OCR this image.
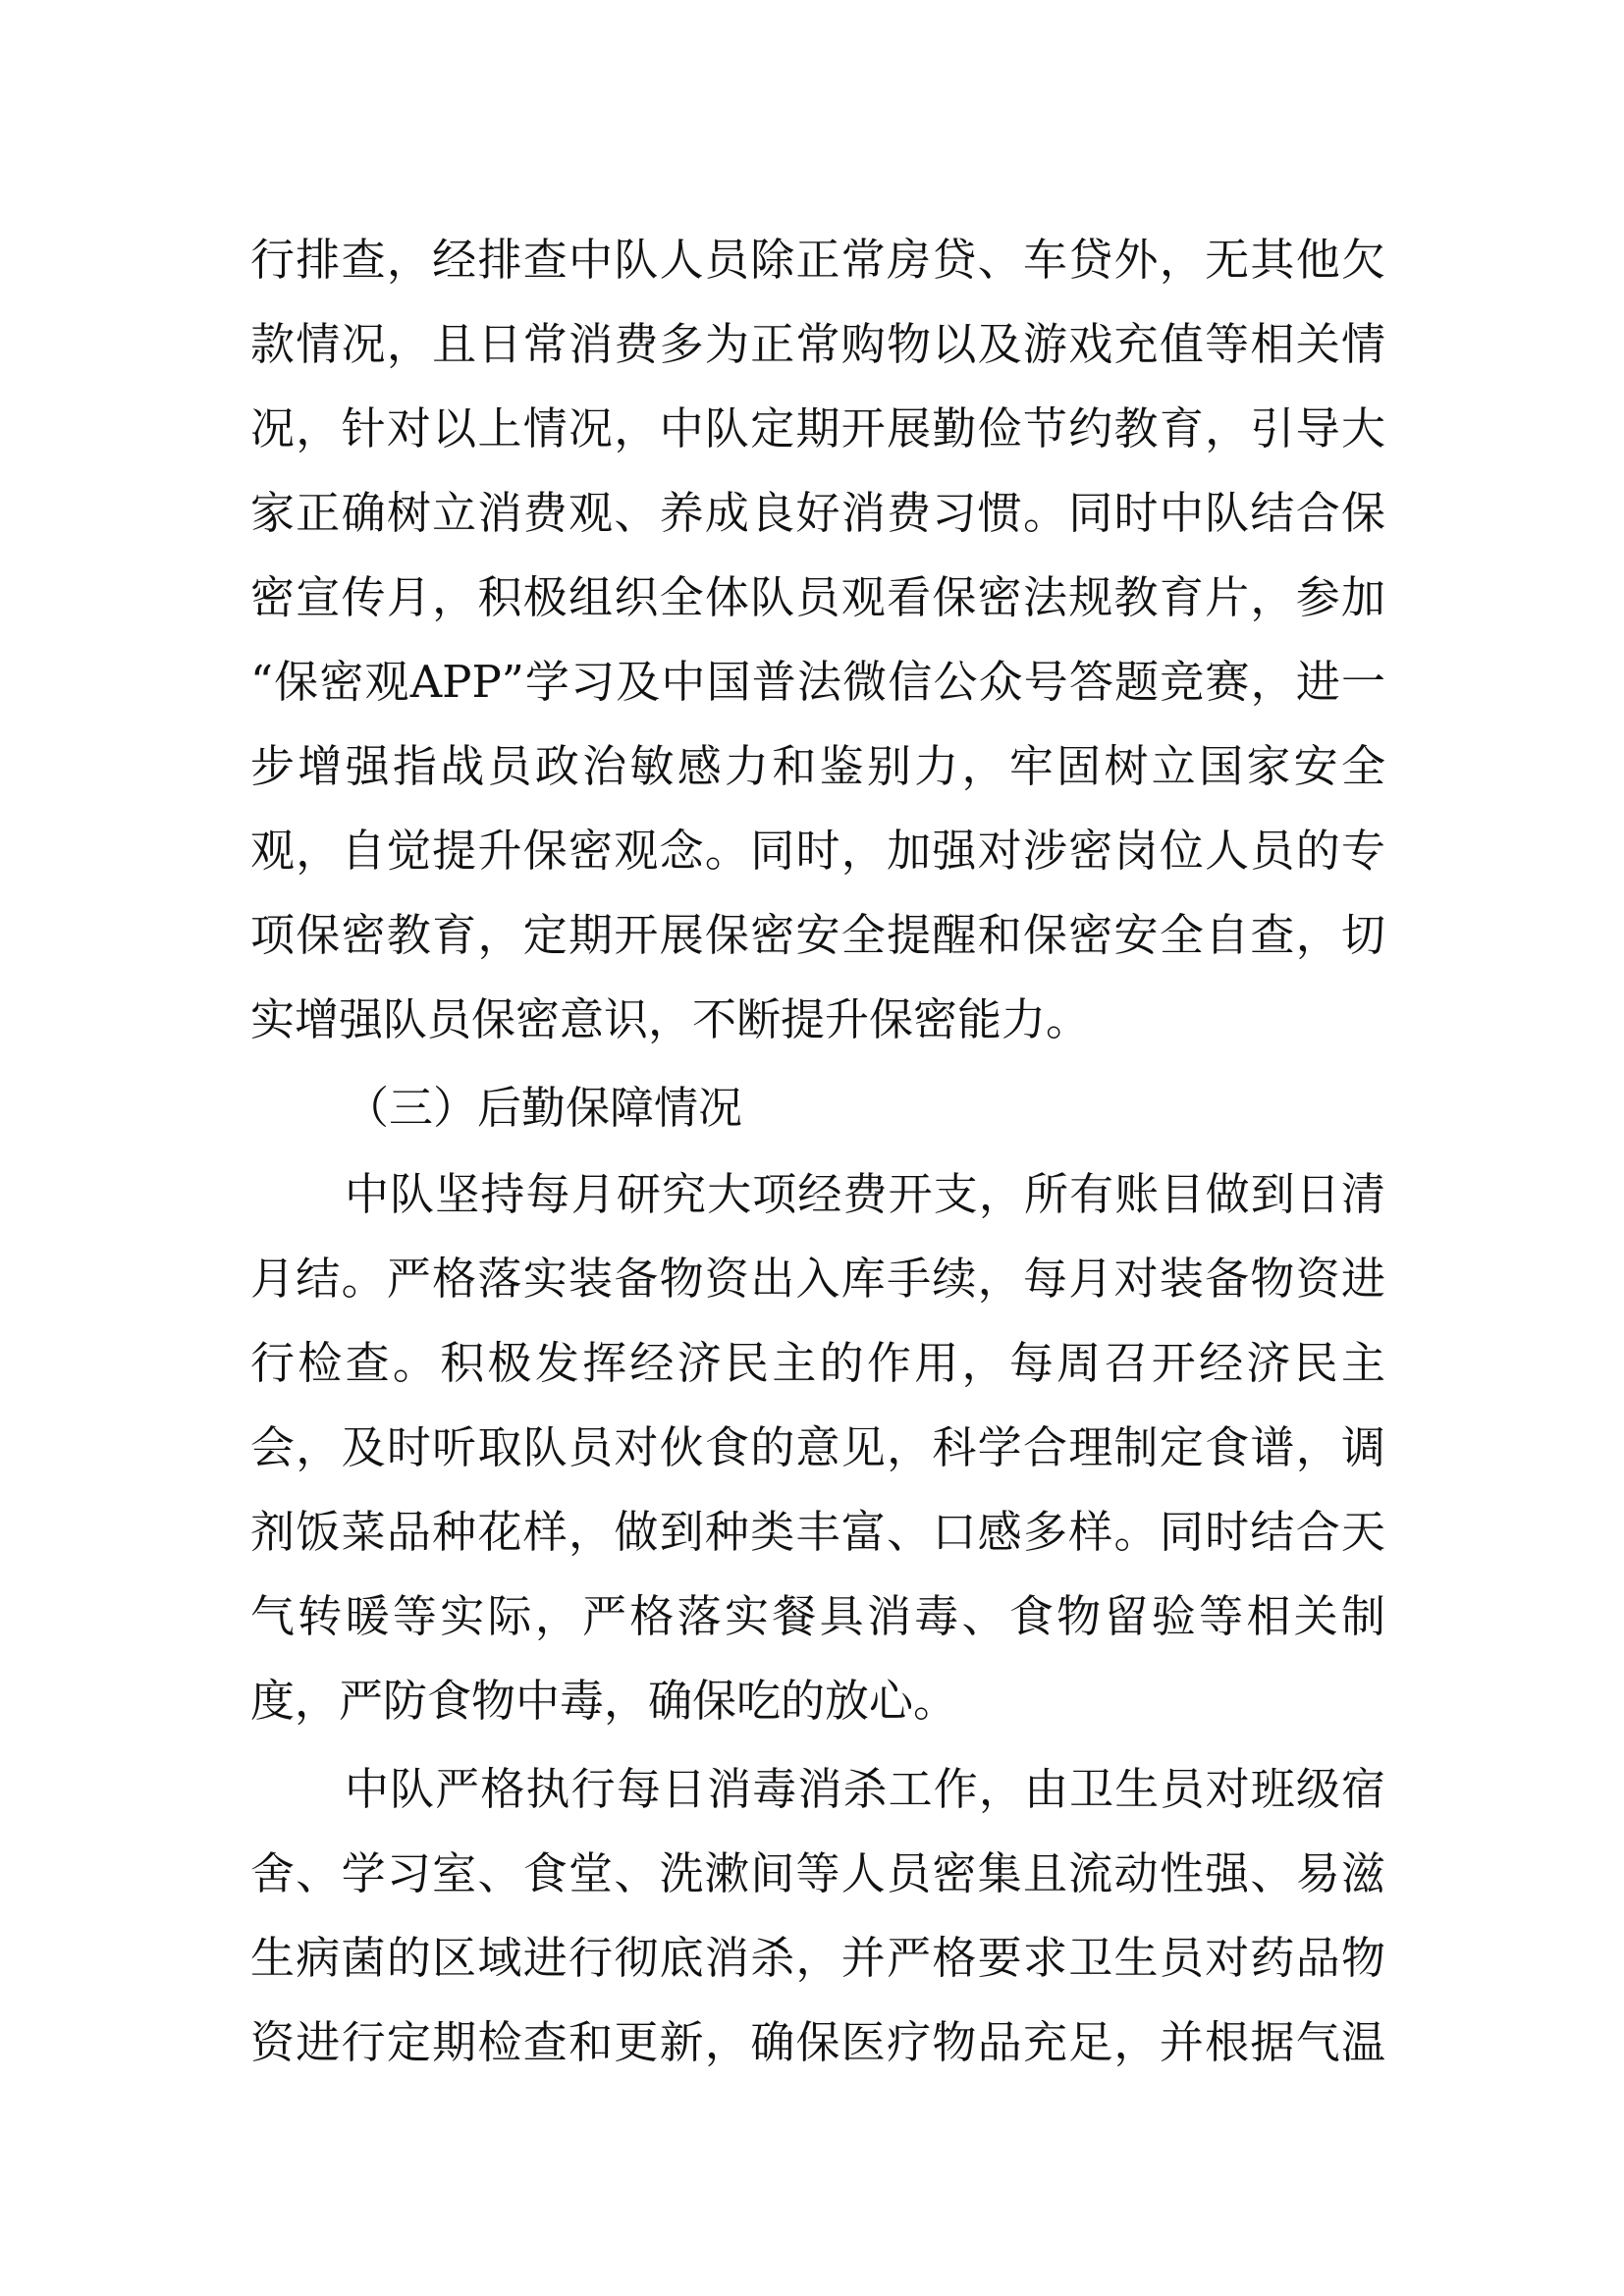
行排查，经排查中队人员除正常房贷、车贷外，无其他欠
款情况，且日常消费多为正常购物以及游戏充值等相关情
况，针对以上情况，中队定期开展勤俭节约教育，引导大
家正确树立消费观、养成良好消费习惯。同时中队结合保
密宣传月，积极组织全体队员观看保密法规教育片，参加
“保密观APP”学习及中国普法微信公众号答题竞赛，进一
步增强指战员政治敏感力和鉴别力，牢固树立国家安全
观，自觉提升保密观念。同时，加强对涉密岗位人员的专
项保密教育，定期开展保密安全提醒和保密安全自查，切
实增强队员保密意识，不断提升保密能力。
（三）后勤保障情况
中队坚持每月研究大项经费开支，所有账目做到日清
月结。严格落实装备物资出入库手续，每月对装备物资进
行检查。积极发挥经济民主的作用，每周召开经济民主
会，及时听取队员对伙食的意见，科学合理制定食谱，调
剂饭菜品种花样，做到种类丰富、口感多样。同时结合天
气转暖等实际，严格落实餐具消毒、食物留验等相关制
度，严防食物中毒，确保吃的放心。
中队严格执行每日消毒消杀工作，由卫生员对班级宿
舍、学习室、食堂、洗漱间等人员密集且流动性强、易滋
生病菌的区域进行彻底消杀，并严格要求卫生员对药品物
资进行定期检查和更新，确保医疗物品充足，并根据气温
